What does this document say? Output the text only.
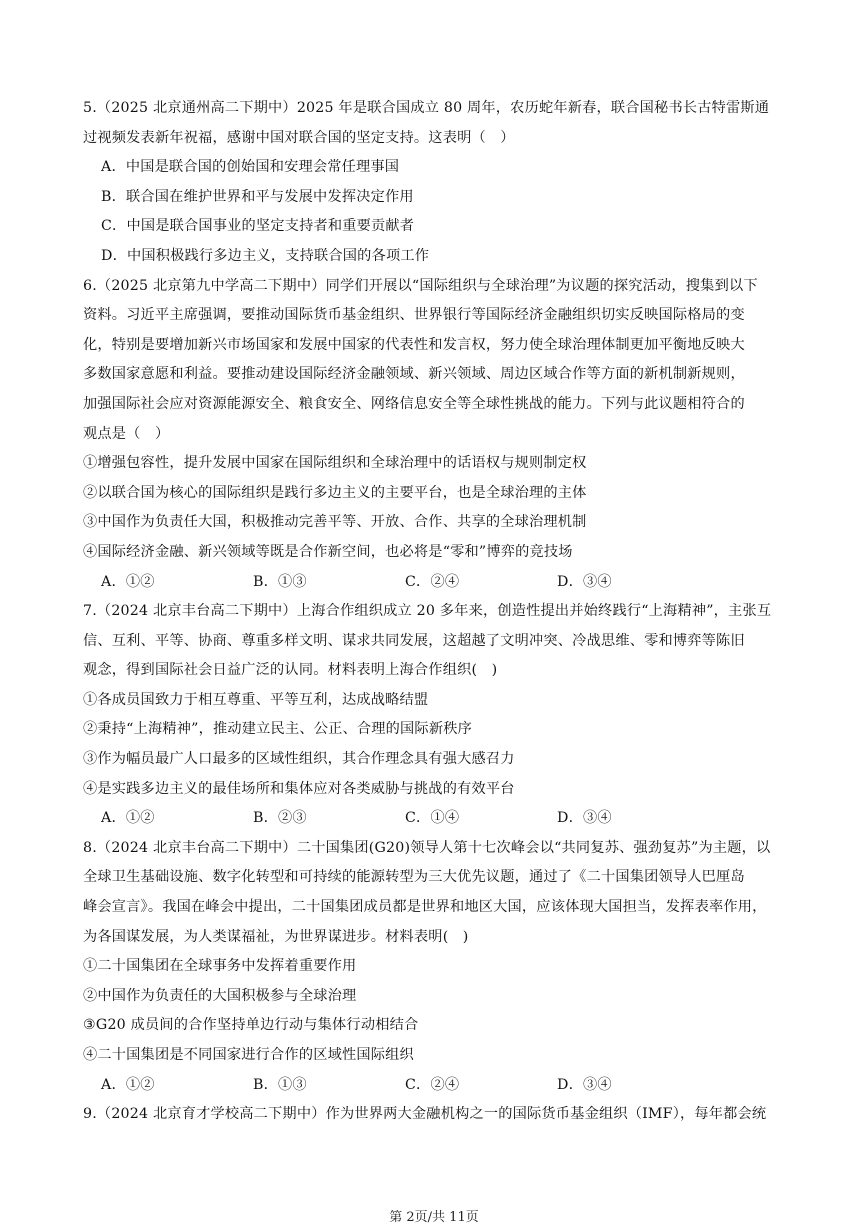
5.（2025 北京通州高二下期中）2025 年是联合国成立 80 周年，农历蛇年新春，联合国秘书长古特雷斯通
过视频发表新年祝福，感谢中国对联合国的坚定支持。这表明（　）
A．中国是联合国的创始国和安理会常任理事国
B．联合国在维护世界和平与发展中发挥决定作用
C．中国是联合国事业的坚定支持者和重要贡献者
D．中国积极践行多边主义，支持联合国的各项工作
6.（2025 北京第九中学高二下期中）同学们开展以“国际组织与全球治理”为议题的探究活动，搜集到以下
资料。习近平主席强调，要推动国际货币基金组织、世界银行等国际经济金融组织切实反映国际格局的变
化，特别是要增加新兴市场国家和发展中国家的代表性和发言权，努力使全球治理体制更加平衡地反映大
多数国家意愿和利益。要推动建设国际经济金融领域、新兴领域、周边区域合作等方面的新机制新规则，
加强国际社会应对资源能源安全、粮食安全、网络信息安全等全球性挑战的能力。下列与此议题相符合的
观点是（　）
①增强包容性，提升发展中国家在国际组织和全球治理中的话语权与规则制定权
②以联合国为核心的国际组织是践行多边主义的主要平台，也是全球治理的主体
③中国作为负责任大国，积极推动完善平等、开放、合作、共享的全球治理机制
④国际经济金融、新兴领域等既是合作新空间，也必将是“零和”博弈的竞技场
A．①②	B．①③	C．②④	D．③④
7.（2024 北京丰台高二下期中）上海合作组织成立 20 多年来，创造性提出并始终践行“上海精神”，主张互
信、互利、平等、协商、尊重多样文明、谋求共同发展，这超越了文明冲突、冷战思维、零和博弈等陈旧
观念，得到国际社会日益广泛的认同。材料表明上海合作组织(　)
①各成员国致力于相互尊重、平等互利，达成战略结盟
②秉持“上海精神”，推动建立民主、公正、合理的国际新秩序
③作为幅员最广人口最多的区域性组织，其合作理念具有强大感召力
④是实践多边主义的最佳场所和集体应对各类威胁与挑战的有效平台
A．①②	B．②③	C．①④	D．③④
8.（2024 北京丰台高二下期中）二十国集团(G20)领导人第十七次峰会以“共同复苏、强劲复苏”为主题，以
全球卫生基础设施、数字化转型和可持续的能源转型为三大优先议题，通过了《二十国集团领导人巴厘岛
峰会宣言》。我国在峰会中提出，二十国集团成员都是世界和地区大国，应该体现大国担当，发挥表率作用，
为各国谋发展，为人类谋福祉，为世界谋进步。材料表明(　)
①二十国集团在全球事务中发挥着重要作用
②中国作为负责任的大国积极参与全球治理
③G20 成员间的合作坚持单边行动与集体行动相结合
④二十国集团是不同国家进行合作的区域性国际组织
A．①②	B．①③	C．②④	D．③④
9.（2024 北京育才学校高二下期中）作为世界两大金融机构之一的国际货币基金组织（IMF），每年都会统
第 2页/共 11页
